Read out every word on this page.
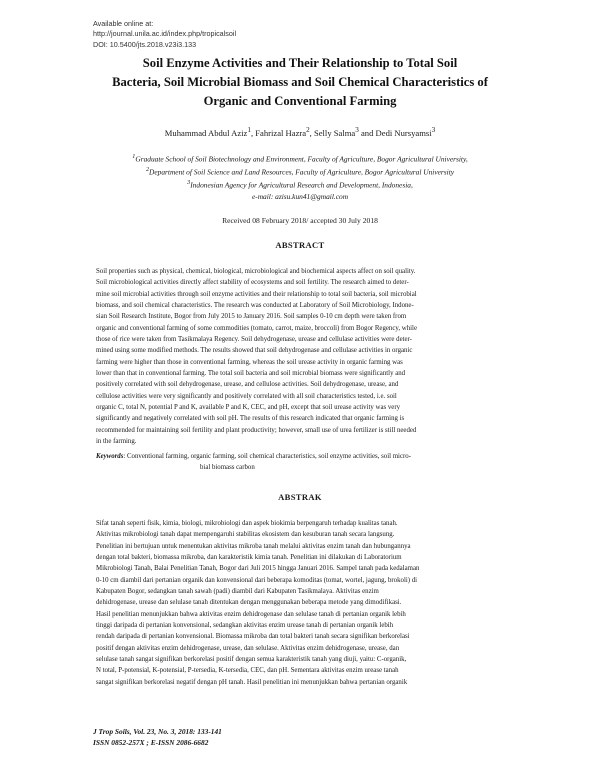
Available online at:
http://journal.unila.ac.id/index.php/tropicalsoil
DOI: 10.5400/jts.2018.v23i3.133
Soil Enzyme Activities and Their Relationship to Total Soil
Bacteria, Soil Microbial Biomass and Soil Chemical Characteristics of
Organic and Conventional Farming
Muhammad Abdul Aziz$^1$, Fahrizal Hazra$^2$, Selly Salma$^3$ and Dedi Nursyamsi$^3$
$^1$Graduate School of Soil Biotechnology and Environment, Faculty of Agriculture, Bogor Agricultural University,
$^2$Department of Soil Science and Land Resources, Faculty of Agriculture, Bogor Agricultural University
$^3$Indonesian Agency for Agricultural Research and Development, Indonesia,
e-mail: azisu.kun41@gmail.com
Received 08 February 2018/ accepted 30 July 2018
ABSTRACT
Soil properties such as physical, chemical, biological, microbiological and biochemical aspects affect on soil quality.
Soil microbiological activities directly affect stability of ecosystems and soil fertility. The research aimed to deter-
mine soil microbial activities through soil enzyme activities and their relationship to total soil bacteria, soil microbial
biomass, and soil chemical characteristics. The research was conducted at Laboratory of Soil Microbiology, Indone-
sian Soil Research Institute, Bogor from July 2015 to January 2016. Soil samples 0-10 cm depth were taken from
organic and conventional farming of some commodities (tomato, carrot, maize, broccoli) from Bogor Regency, while
those of rice were taken from Tasikmalaya Regency. Soil dehydrogenase, urease and cellulase activities were deter-
mined using some modified methods. The results showed that soil dehydrogenase and cellulase activities in organic
farming were higher than those in conventional farming, whereas the soil urease activity in organic farming was
lower than that in conventional farming. The total soil bacteria and soil microbial biomass were significantly and
positively correlated with soil dehydrogenase, urease, and cellulose activities. Soil dehydrogenase, urease, and
cellulose activities were very significantly and positively correlated with all soil characteristics tested, i.e. soil
organic C, total N, potential P and K, available P and K, CEC, and pH, except that soil urease activity was very
significantly and negatively correlated with soil pH. The results of this research indicated that organic farming is
recommended for maintaining soil fertility and plant productivity; however, small use of urea fertilizer is still needed
in the farming.
Keywords: Conventional farming, organic farming, soil chemical characteristics, soil enzyme activities, soil micro-
bial biomass carbon
ABSTRAK
Sifat tanah seperti fisik, kimia, biologi, mikrobiologi dan aspek biokimia berpengaruh terhadap kualitas tanah.
Aktivitas mikrobiologi tanah dapat mempengaruhi stabilitas ekosistem dan kesuburan tanah secara langsung.
Penelitian ini bertujuan untuk menentukan aktivitas mikroba tanah melalui aktivitas enzim tanah dan hubungannya
dengan total bakteri, biomassa mikroba, dan karakteristik kimia tanah. Penelitian ini dilakukan di Laboratorium
Mikrobiologi Tanah, Balai Penelitian Tanah, Bogor dari Juli 2015 hingga Januari 2016. Sampel tanah pada kedalaman
0-10 cm diambil dari pertanian organik dan konvensional dari beberapa komoditas (tomat, wortel, jagung, brokoli) di
Kabupaten Bogor, sedangkan tanah sawah (padi) diambil dari Kabupaten Tasikmalaya. Aktivitas enzim
dehidrogenase, urease dan selulase tanah ditentukan dengan menggunakan beberapa metode yang dimodifikasi.
Hasil penelitian menunjukkan bahwa aktivitas enzim dehidrogenase dan selulase tanah di pertanian organik lebih
tinggi daripada di pertanian konvensional, sedangkan aktivitas enzim urease tanah di pertanian organik lebih
rendah daripada di pertanian konvensional. Biomassa mikroba dan total bakteri tanah secara signifikan berkorelasi
positif dengan aktivitas enzim dehidrogenase, urease, dan selulase. Aktivitas enzim dehidrogenase, urease, dan
selulase tanah sangat signifikan berkorelasi positif dengan semua karakteristik tanah yang diuji, yaitu: C-organik,
N total, P-potensial, K-potensial, P-tersedia, K-tersedia, CEC, dan pH. Sementara aktivitas enzim urease tanah
sangat signifikan berkorelasi negatif dengan pH tanah. Hasil penelitian ini menunjukkan bahwa pertanian organik
J Trop Soils, Vol. 23, No. 3, 2018: 133-141
ISSN 0852-257X ; E-ISSN 2086-6682
